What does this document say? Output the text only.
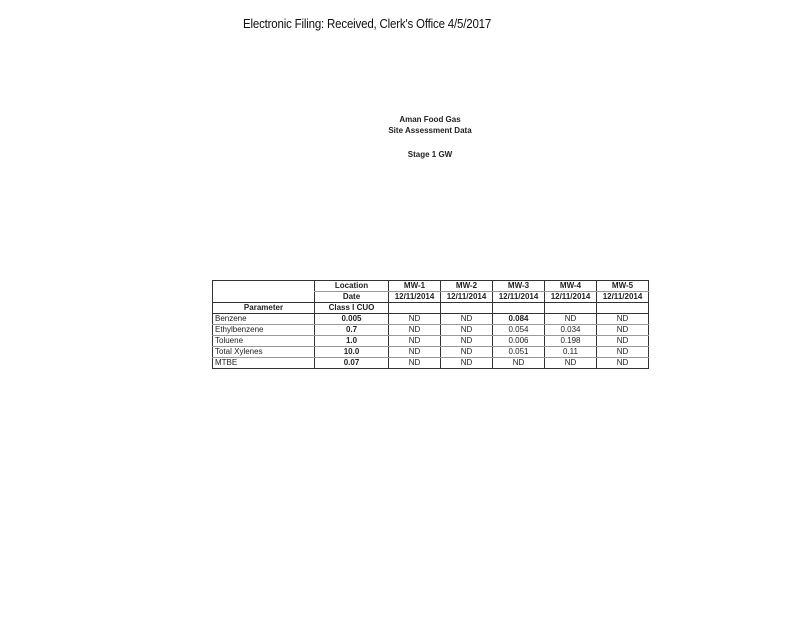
Electronic Filing: Received, Clerk's Office 4/5/2017
Aman Food Gas
Site Assessment Data
Stage 1 GW
	Location	MW-1	MW-2	MW-3	MW-4	MW-5
	Date	12/11/2014	12/11/2014	12/11/2014	12/11/2014	12/11/2014
Parameter	Class I CUO					
Benzene	0.005	ND	ND	0.084	ND	ND
Ethylbenzene	0.7	ND	ND	0.054	0.034	ND
Toluene	1.0	ND	ND	0.006	0.198	ND
Total Xylenes	10.0	ND	ND	0.051	0.11	ND
MTBE	0.07	ND	ND	ND	ND	ND
